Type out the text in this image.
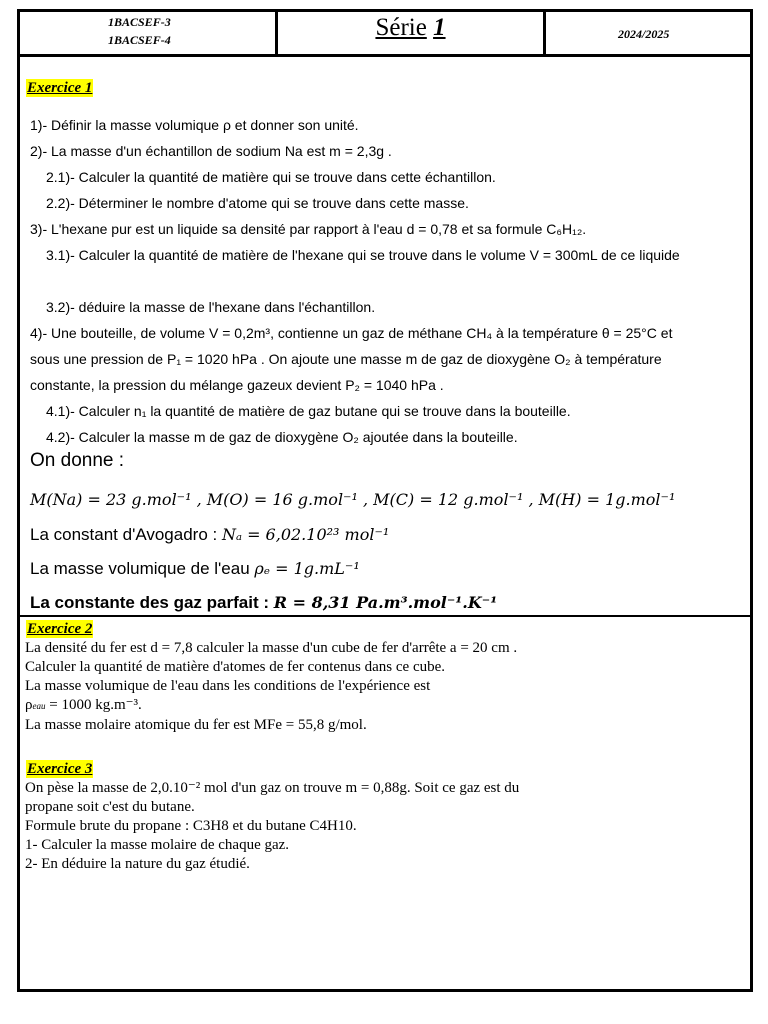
1BACSEF-3
1BACSEF-4	Série 1	2024/2025
Exercice 1
1)- Définir la masse volumique ρ et donner son unité.
2)- La masse d'un échantillon de sodium Na est m = 2,3g .
2.1)- Calculer la quantité de matière qui se trouve dans cette échantillon.
2.2)- Déterminer le nombre d'atome qui se trouve dans cette masse.
3)- L'hexane pur est un liquide sa densité par rapport à l'eau d = 0,78 et sa formule C₆H₁₂.
3.1)- Calculer la quantité de matière de l'hexane qui se trouve dans le volume V = 300mL de ce liquide
3.2)- déduire la masse de l'hexane dans l'échantillon.
4)- Une bouteille, de volume V = 0,2m³, contienne un gaz de méthane CH₄ à la température θ = 25°C et
sous une pression de P₁ = 1020 hPa . On ajoute une masse m de gaz de dioxygène O₂ à température
constante, la pression du mélange gazeux devient P₂ = 1040 hPa .
4.1)- Calculer n₁ la quantité de matière de gaz butane qui se trouve dans la bouteille.
4.2)- Calculer la masse m de gaz de dioxygène O₂ ajoutée dans la bouteille.
On donne :
M(Na) = 23 g.mol⁻¹ , M(O) = 16 g.mol⁻¹ , M(C) = 12 g.mol⁻¹ , M(H) = 1g.mol⁻¹
La constant d'Avogadro : Nₐ = 6,02.10²³ mol⁻¹
La masse volumique de l'eau ρₑ = 1g.mL⁻¹
La constante des gaz parfait : R = 8,31 Pa.m³.mol⁻¹.K⁻¹
Exercice 2
La densité du fer est d = 7,8 calculer la masse d'un cube de fer d'arrête a = 20 cm .
Calculer la quantité de matière d'atomes de fer contenus dans ce cube.
La masse volumique de l'eau dans les conditions de l'expérience est
ρeau = 1000 kg.m⁻³.
La masse molaire atomique du fer est MFe = 55,8 g/mol.
Exercice 3
On pèse la masse de 2,0.10⁻² mol d'un gaz on trouve m = 0,88g. Soit ce gaz est du
propane soit c'est du butane.
Formule brute du propane : C3H8 et du butane C4H10.
1- Calculer la masse molaire de chaque gaz.
2- En déduire la nature du gaz étudié.
